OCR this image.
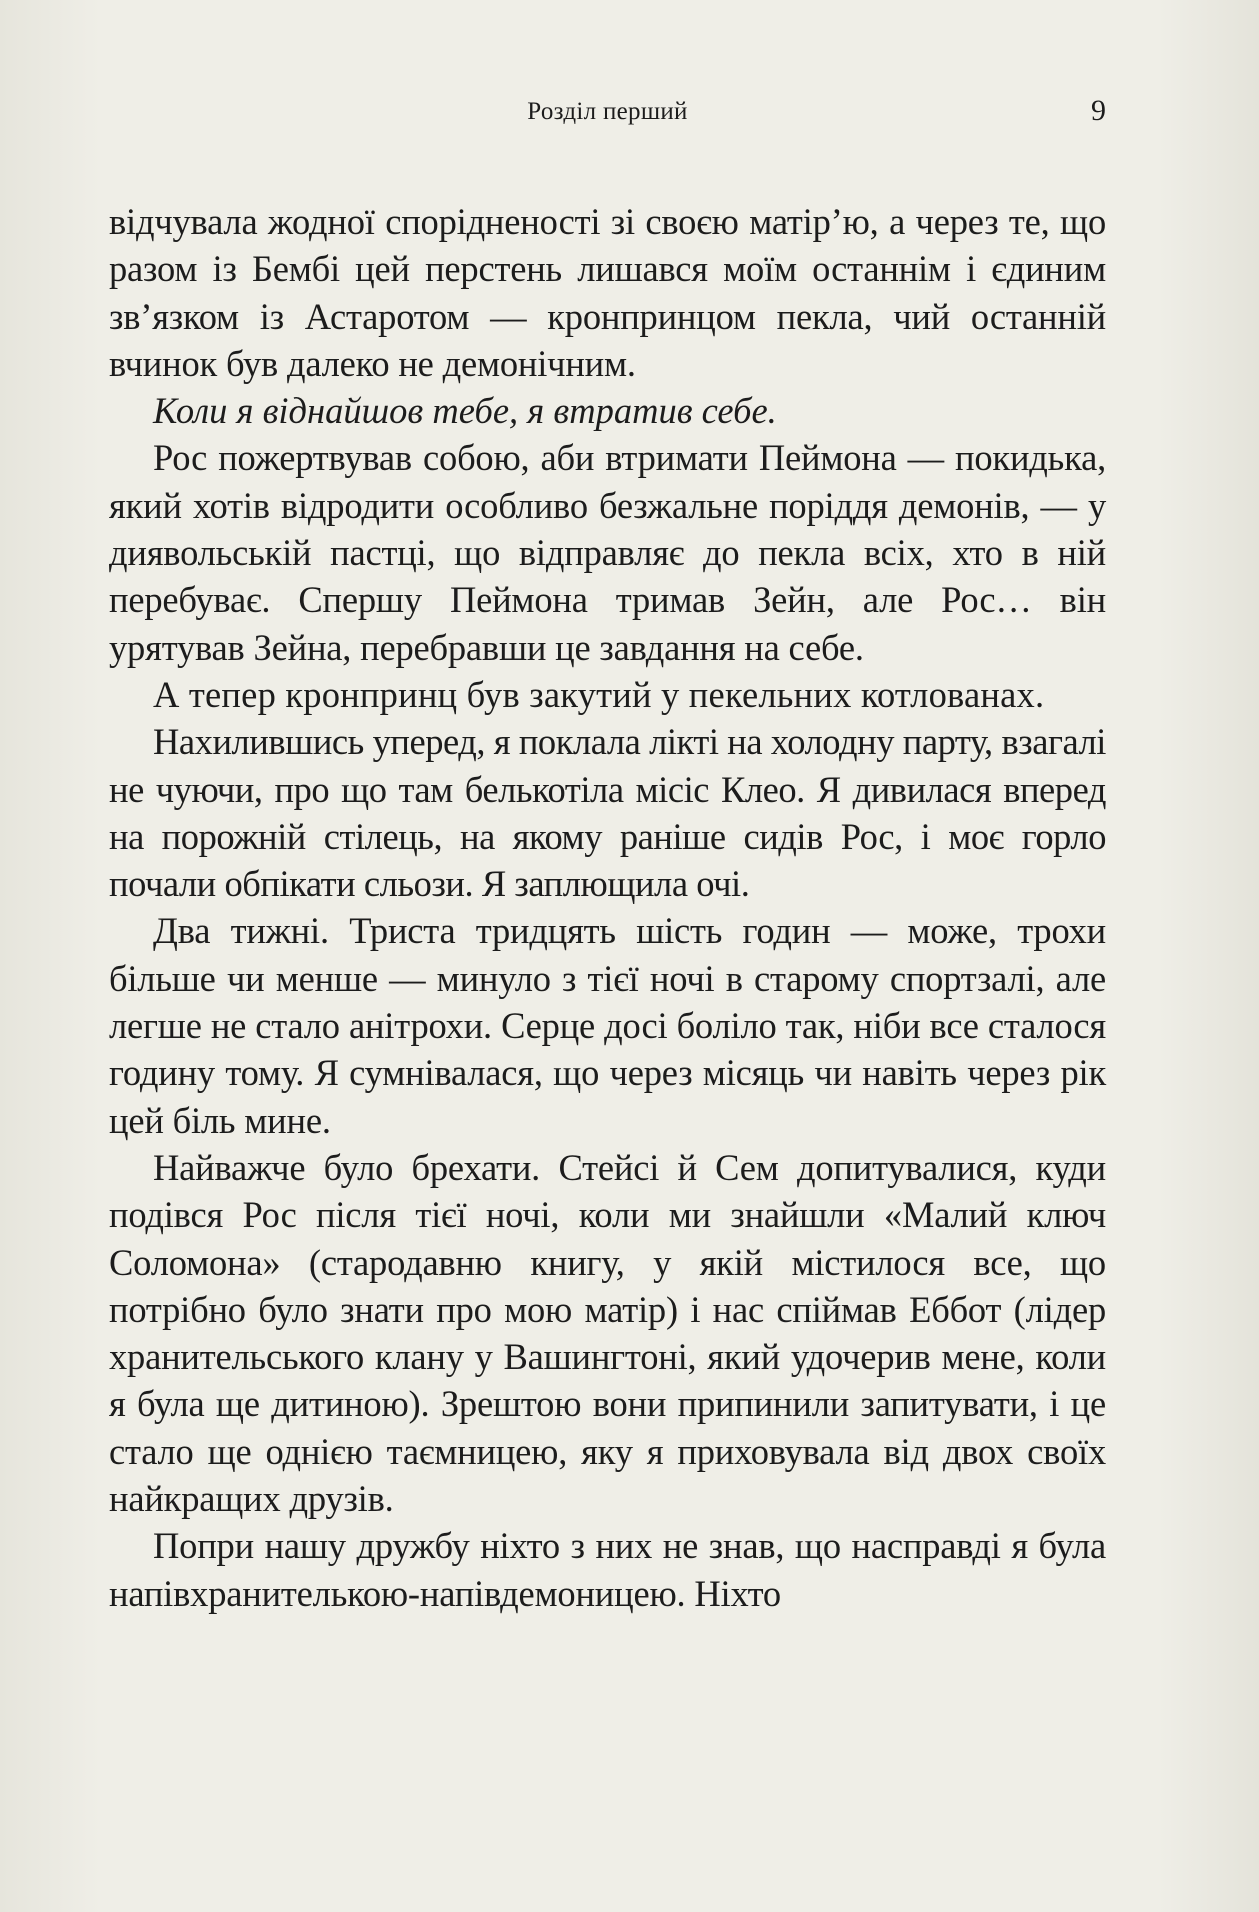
Розділ перший	9

відчувала жодної спорідненості зі своєю матір’ю, а через те, що разом із Бембі цей перстень лишався моїм останнім і єдиним зв’язком із Астаротом — кронпринцом пекла, чий останній вчинок був далеко не демонічним.

Коли я віднайшов тебе, я втратив себе.

Рос пожертвував собою, аби втримати Пеймона — покидька, який хотів відродити особливо безжальне поріддя демонів, — у диявольській пастці, що відправляє до пекла всіх, хто в ній перебуває. Спершу Пеймона тримав Зейн, але Рос… він урятував Зейна, перебравши це завдання на себе.

А тепер кронпринц був закутий у пекельних котлованах.

Нахилившись уперед, я поклала лікті на холодну парту, взагалі не чуючи, про що там белькотіла місіс Клео. Я дивилася вперед на порожній стілець, на якому раніше сидів Рос, і моє горло почали обпікати сльози. Я заплющила очі.

Два тижні. Триста тридцять шість годин — може, трохи більше чи менше — минуло з тієї ночі в старому спортзалі, але легше не стало анітрохи. Серце досі боліло так, ніби все сталося годину тому. Я сумнівалася, що через місяць чи навіть через рік цей біль мине.

Найважче було брехати. Стейсі й Сем допитувалися, куди подівся Рос після тієї ночі, коли ми знайшли «Малий ключ Соломона» (стародавню книгу, у якій містилося все, що потрібно було знати про мою матір) і нас спіймав Еббот (лідер хранительського клану у Вашингтоні, який удочерив мене, коли я була ще дитиною). Зрештою вони припинили запитувати, і це стало ще однією таємницею, яку я приховувала від двох своїх найкращих друзів.

Попри нашу дружбу ніхто з них не знав, що насправді я була напівхранителькою-напівдемоницею. Ніхто
